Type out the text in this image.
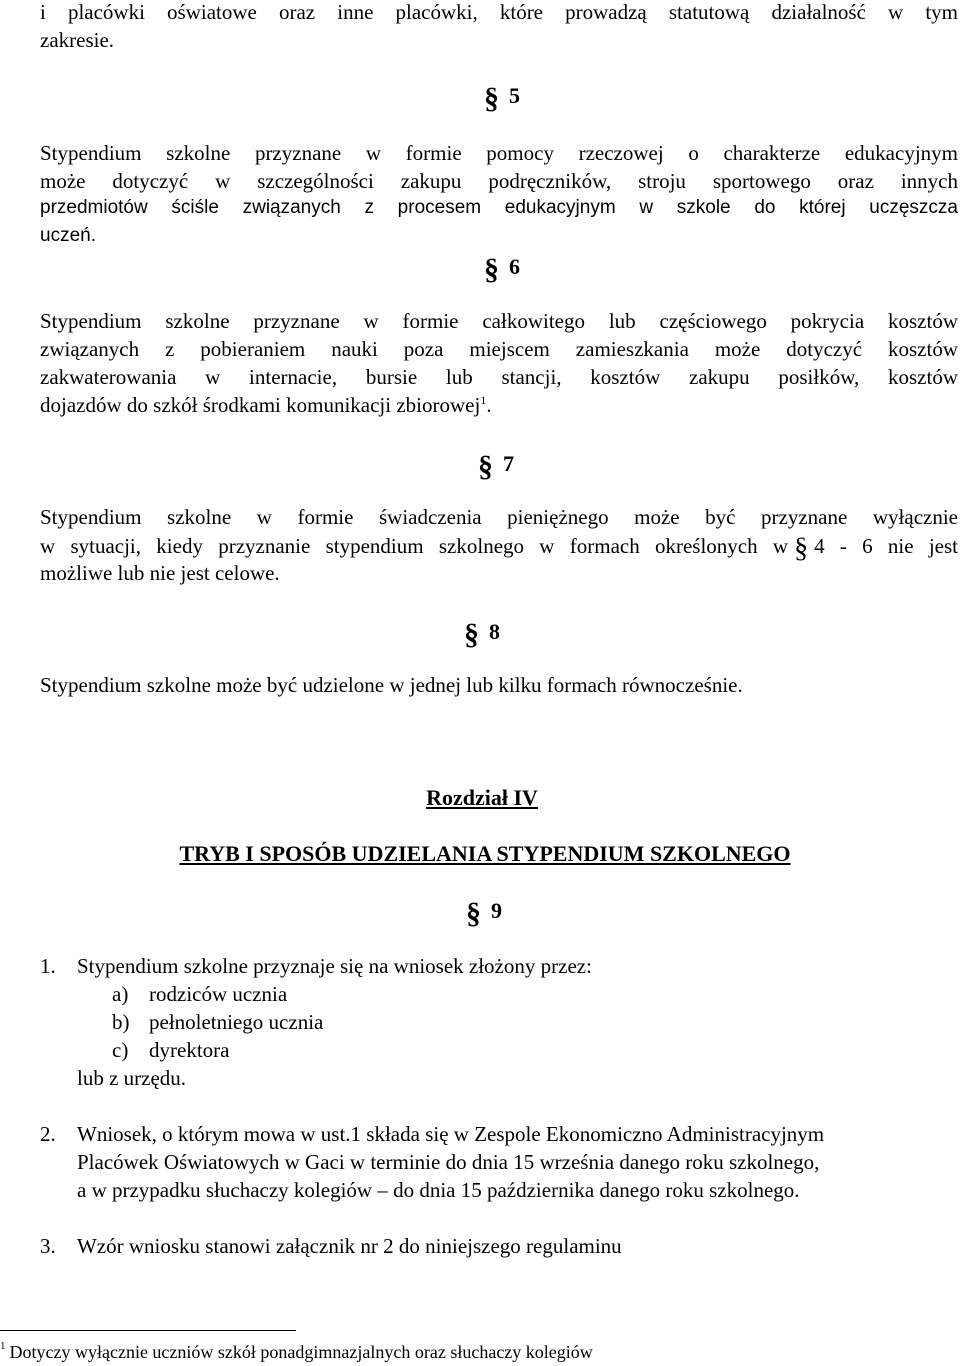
i placówki oświatowe oraz inne placówki, które prowadzą statutową działalność w tym
zakresie.
§ 5
Stypendium szkolne przyznane w formie pomocy rzeczowej o charakterze edukacyjnym
może dotyczyć w szczególności zakupu podręczników, stroju sportowego oraz innych
przedmiotów ściśle związanych z procesem edukacyjnym w szkole do której uczęszcza
uczeń.
§ 6
Stypendium szkolne przyznane w formie całkowitego lub częściowego pokrycia kosztów
związanych z pobieraniem nauki poza miejscem zamieszkania może dotyczyć kosztów
zakwaterowania w internacie, bursie lub stancji, kosztów zakupu posiłków, kosztów
dojazdów do szkół środkami komunikacji zbiorowej$^1$.
§ 7
Stypendium szkolne w formie świadczenia pieniężnego może być przyznane wyłącznie
w sytuacji, kiedy przyznanie stypendium szkolnego w formach określonych w § 4 - 6 nie jest
możliwe lub nie jest celowe.
§ 8
Stypendium szkolne może być udzielone w jednej lub kilku formach równocześnie.
Rozdział IV
TRYB I SPOSÓB UDZIELANIA STYPENDIUM SZKOLNEGO
§ 9
1. Stypendium szkolne przyznaje się na wniosek złożony przez:
a) rodziców ucznia
b) pełnoletniego ucznia
c) dyrektora
lub z urzędu.
2. Wniosek, o którym mowa w ust.1 składa się w Zespole Ekonomiczno Administracyjnym
Placówek Oświatowych w Gaci w terminie do dnia 15 września danego roku szkolnego,
a w przypadku słuchaczy kolegiów – do dnia 15 października danego roku szkolnego.
3. Wzór wniosku stanowi załącznik nr 2 do niniejszego regulaminu
$^1$ Dotyczy wyłącznie uczniów szkół ponadgimnazjalnych oraz słuchaczy kolegiów
